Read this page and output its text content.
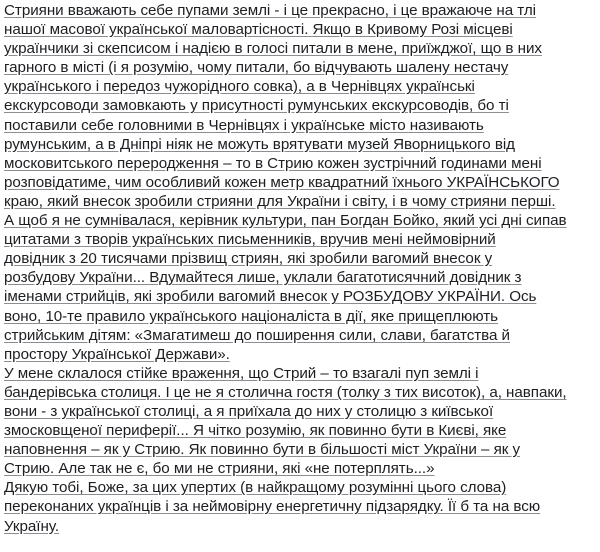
Стрияни вважають себе пупами землі - і це прекрасно, і це вражаюче на тлі
нашої масової української маловартісності. Якщо в Кривому Розі місцеві
українчики зі скепсисом і надією в голосі питали в мене, приїжджої, що в них
гарного в місті (і я розумію, чому питали, бо відчувають шалену нестачу
українського і передоз чужорідного совка), а в Чернівцях українські
екскурсоводи замовкають у присутності румунських екскурсоводів, бо ті
поставили себе головними в Чернівцях і українське місто називають
румунським, а в Дніпрі ніяк не можуть врятувати музей Яворницького від
московитського переродження – то в Стрию кожен зустрічний годинами мені
розповідатиме, чим особливий кожен метр квадратний їхнього УКРАЇНСЬКОГО
краю, який внесок зробили стрияни для України і світу, і в чому стрияни перші.
А щоб я не сумнівалася, керівник культури, пан Богдан Бойко, який усі дні сипав
цитатами з творів українських письменників, вручив мені неймовірний
довідник з 20 тисячами прізвищ стриян, які зробили вагомий внесок у
розбудову України... Вдумайтеся лише, уклали багатотисячний довідник з
іменами стрийців, які зробили вагомий внесок у РОЗБУДОВУ УКРАЇНИ. Ось
воно, 10-те правило українського націоналіста в дії, яке прищеплюють
стрийським дітям: «Змагатимеш до поширення сили, слави, багатства й
простору Української Держави».

У мене склалося стійке враження, що Стрий – то взагалі пуп землі і
бандерівська столиця. І це не я столична гостя (толку з тих висоток), а, навпаки,
вони - з української столиці, а я приїхала до них у столицю з київської
змосковщеної периферії... Я чітко розумію, як повинно бути в Києві, яке
наповнення – як у Стрию. Як повинно бути в більшості міст України – як у
Стрию. Але так не є, бо ми не стрияни, які «не потерплять...»

Дякую тобі, Боже, за цих упертих (в найкращому розумінні цього слова)
переконаних українців і за неймовірну енергетичну підзарядку. Її б та на всю
Україну.
